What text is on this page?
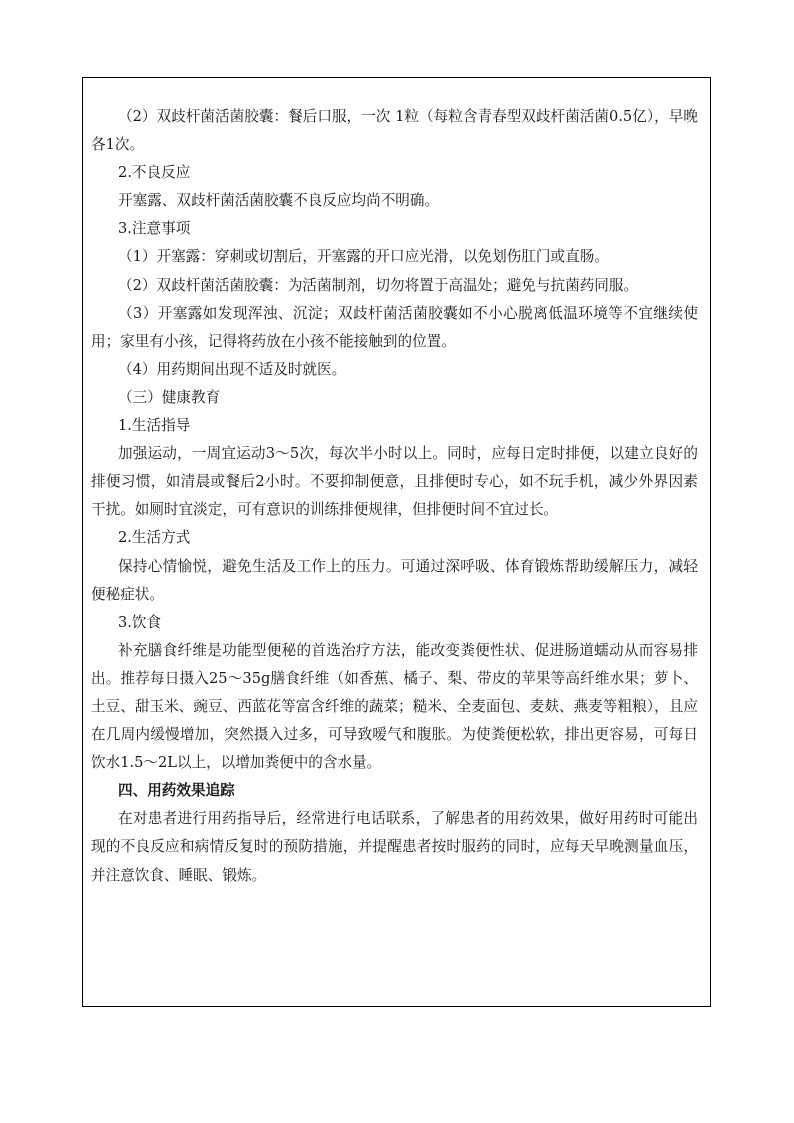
（2）双歧杆菌活菌胶囊：餐后口服，一次 1粒（每粒含青春型双歧杆菌活菌0.5亿），早晚各1次。

2.不良反应

开塞露、双歧杆菌活菌胶囊不良反应均尚不明确。

3.注意事项

（1）开塞露：穿刺或切割后，开塞露的开口应光滑，以免划伤肛门或直肠。

（2）双歧杆菌活菌胶囊：为活菌制剂，切勿将置于高温处；避免与抗菌药同服。

（3）开塞露如发现浑浊、沉淀；双歧杆菌活菌胶囊如不小心脱离低温环境等不宜继续使用；家里有小孩，记得将药放在小孩不能接触到的位置。

（4）用药期间出现不适及时就医。

（三）健康教育

1.生活指导

加强运动，一周宜运动3～5次，每次半小时以上。同时，应每日定时排便，以建立良好的排便习惯，如清晨或餐后2小时。不要抑制便意，且排便时专心，如不玩手机，减少外界因素干扰。如厕时宜淡定，可有意识的训练排便规律，但排便时间不宜过长。

2.生活方式

保持心情愉悦，避免生活及工作上的压力。可通过深呼吸、体育锻炼帮助缓解压力，减轻便秘症状。

3.饮食

补充膳食纤维是功能型便秘的首选治疗方法，能改变粪便性状、促进肠道蠕动从而容易排出。推荐每日摄入25～35g膳食纤维（如香蕉、橘子、梨、带皮的苹果等高纤维水果；萝卜、土豆、甜玉米、豌豆、西蓝花等富含纤维的蔬菜；糙米、全麦面包、麦麸、燕麦等粗粮），且应在几周内缓慢增加，突然摄入过多，可导致嗳气和腹胀。为使粪便松软，排出更容易，可每日饮水1.5～2L以上，以增加粪便中的含水量。

四、用药效果追踪

在对患者进行用药指导后，经常进行电话联系，了解患者的用药效果，做好用药时可能出现的不良反应和病情反复时的预防措施，并提醒患者按时服药的同时，应每天早晚测量血压，并注意饮食、睡眠、锻炼。
